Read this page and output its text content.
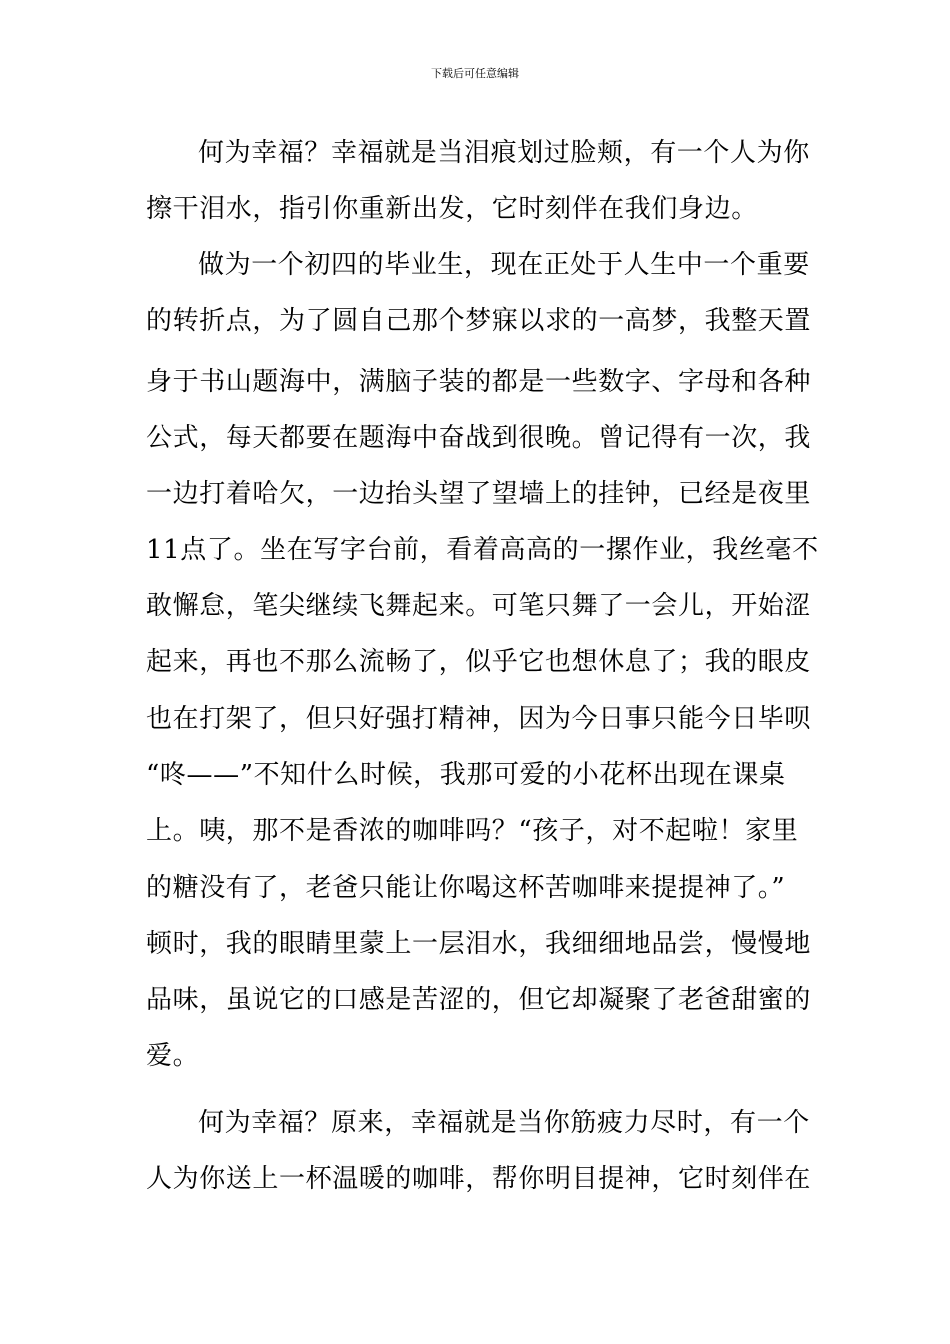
下载后可任意编辑
何为幸福？幸福就是当泪痕划过脸颊，有一个人为你
擦干泪水，指引你重新出发，它时刻伴在我们身边。
做为一个初四的毕业生，现在正处于人生中一个重要
的转折点，为了圆自己那个梦寐以求的一高梦，我整天置
身于书山题海中，满脑子装的都是一些数字、字母和各种
公式，每天都要在题海中奋战到很晚。曾记得有一次，我
一边打着哈欠，一边抬头望了望墙上的挂钟，已经是夜里
11点了。坐在写字台前，看着高高的一摞作业，我丝毫不
敢懈怠，笔尖继续飞舞起来。可笔只舞了一会儿，开始涩
起来，再也不那么流畅了，似乎它也想休息了；我的眼皮
也在打架了，但只好强打精神，因为今日事只能今日毕呗
“咚——”不知什么时候，我那可爱的小花杯出现在课桌
上。咦，那不是香浓的咖啡吗？“孩子，对不起啦！家里
的糖没有了，老爸只能让你喝这杯苦咖啡来提提神了。”
顿时，我的眼睛里蒙上一层泪水，我细细地品尝，慢慢地
品味，虽说它的口感是苦涩的，但它却凝聚了老爸甜蜜的
爱。
何为幸福？原来，幸福就是当你筋疲力尽时，有一个
人为你送上一杯温暖的咖啡，帮你明目提神，它时刻伴在
